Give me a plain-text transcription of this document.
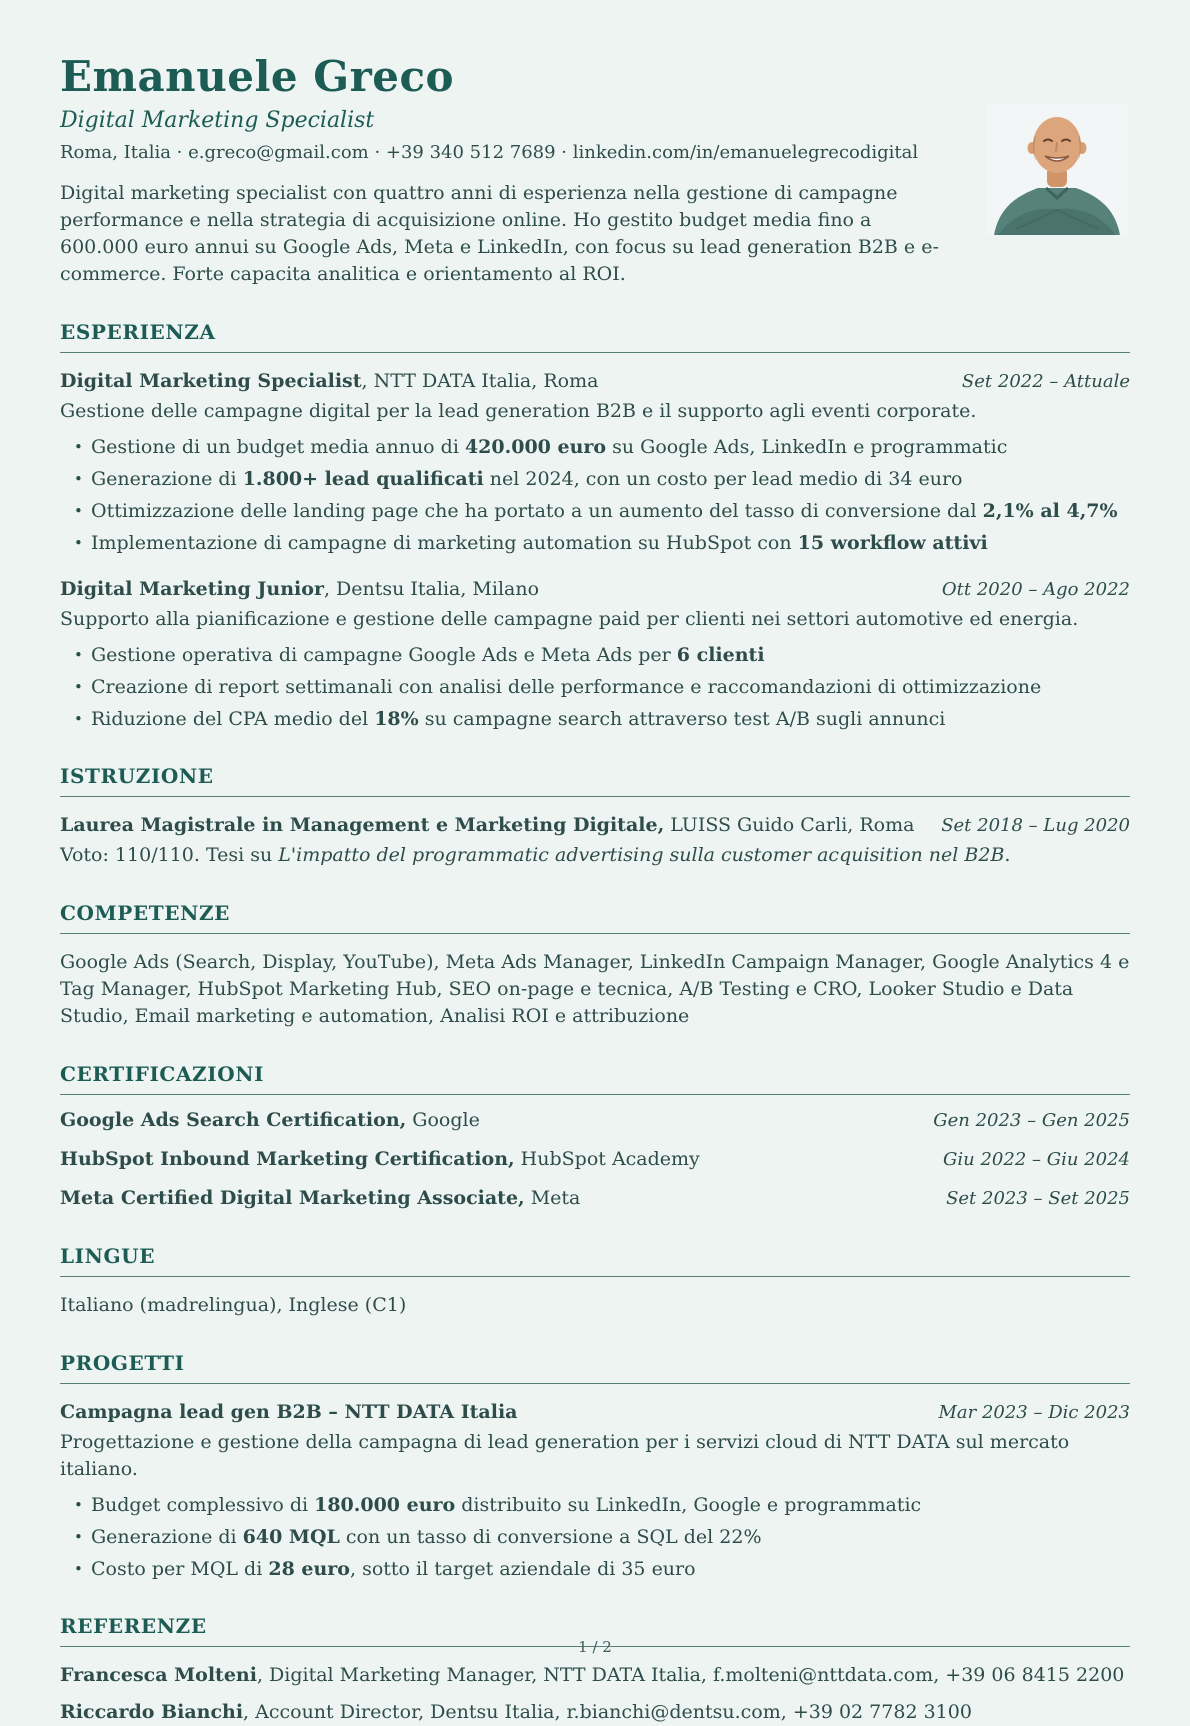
Emanuele Greco
Digital Marketing Specialist
Roma, Italia · e.greco@gmail.com · +39 340 512 7689 · linkedin.com/in/emanuelegrecodigital
Digital marketing specialist con quattro anni di esperienza nella gestione di campagne performance e nella strategia di acquisizione online. Ho gestito budget media fino a 600.000 euro annui su Google Ads, Meta e LinkedIn, con focus su lead generation B2B e e-commerce. Forte capacita analitica e orientamento al ROI.
ESPERIENZA
Digital Marketing Specialist, NTT DATA Italia, Roma	Set 2022 – Attuale
Gestione delle campagne digital per la lead generation B2B e il supporto agli eventi corporate.
• Gestione di un budget media annuo di 420.000 euro su Google Ads, LinkedIn e programmatic
• Generazione di 1.800+ lead qualificati nel 2024, con un costo per lead medio di 34 euro
• Ottimizzazione delle landing page che ha portato a un aumento del tasso di conversione dal 2,1% al 4,7%
• Implementazione di campagne di marketing automation su HubSpot con 15 workflow attivi
Digital Marketing Junior, Dentsu Italia, Milano	Ott 2020 – Ago 2022
Supporto alla pianificazione e gestione delle campagne paid per clienti nei settori automotive ed energia.
• Gestione operativa di campagne Google Ads e Meta Ads per 6 clienti
• Creazione di report settimanali con analisi delle performance e raccomandazioni di ottimizzazione
• Riduzione del CPA medio del 18% su campagne search attraverso test A/B sugli annunci
ISTRUZIONE
Laurea Magistrale in Management e Marketing Digitale, LUISS Guido Carli, Roma Set 2018 – Lug 2020
Voto: 110/110. Tesi su L'impatto del programmatic advertising sulla customer acquisition nel B2B.
COMPETENZE
Google Ads (Search, Display, YouTube), Meta Ads Manager, LinkedIn Campaign Manager, Google Analytics 4 e Tag Manager, HubSpot Marketing Hub, SEO on-page e tecnica, A/B Testing e CRO, Looker Studio e Data Studio, Email marketing e automation, Analisi ROI e attribuzione
CERTIFICAZIONI
Google Ads Search Certification, Google	Gen 2023 – Gen 2025
HubSpot Inbound Marketing Certification, HubSpot Academy	Giu 2022 – Giu 2024
Meta Certified Digital Marketing Associate, Meta	Set 2023 – Set 2025
LINGUE
Italiano (madrelingua), Inglese (C1)
PROGETTI
Campagna lead gen B2B – NTT DATA Italia	Mar 2023 – Dic 2023
Progettazione e gestione della campagna di lead generation per i servizi cloud di NTT DATA sul mercato italiano.
• Budget complessivo di 180.000 euro distribuito su LinkedIn, Google e programmatic
• Generazione di 640 MQL con un tasso di conversione a SQL del 22%
• Costo per MQL di 28 euro, sotto il target aziendale di 35 euro
REFERENZE
Francesca Molteni, Digital Marketing Manager, NTT DATA Italia, f.molteni@nttdata.com, +39 06 8415 2200
Riccardo Bianchi, Account Director, Dentsu Italia, r.bianchi@dentsu.com, +39 02 7782 3100
1 / 2
